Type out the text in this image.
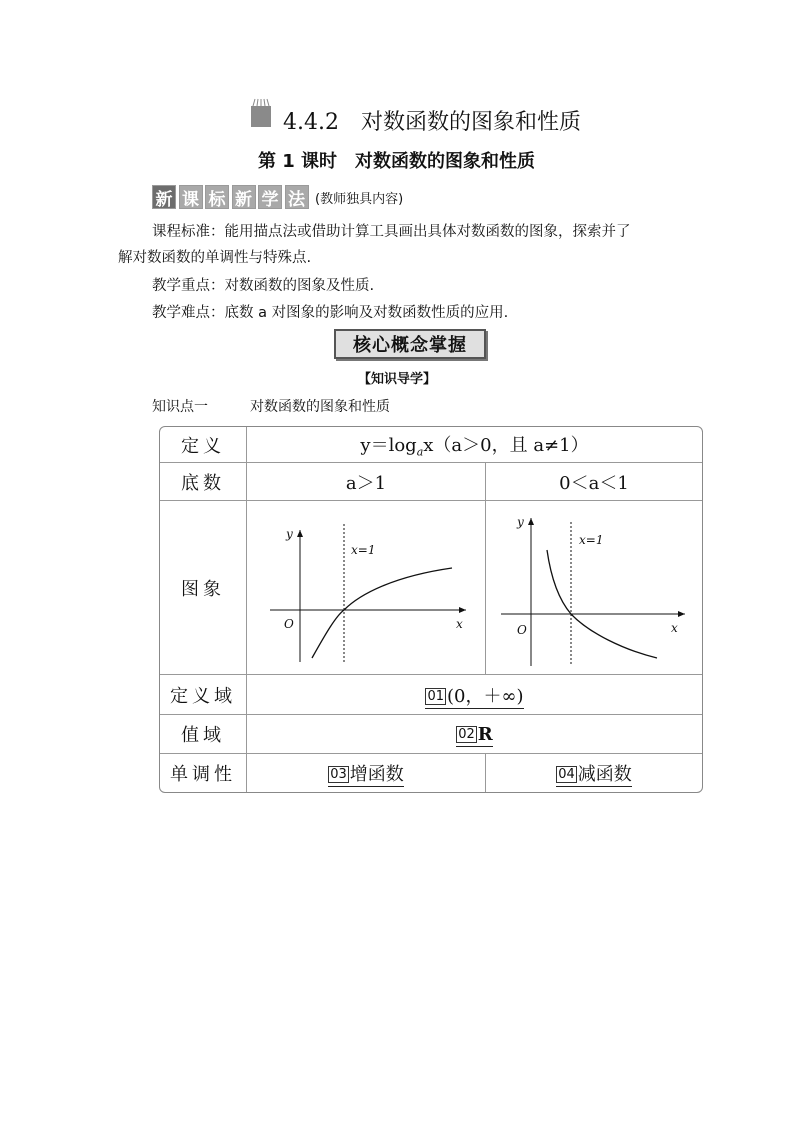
4.4.2　对数函数的图象和性质
第 1 课时　对数函数的图象和性质
新 课 标 新 学 法 (教师独具内容)
课程标准：能用描点法或借助计算工具画出具体对数函数的图象，探索并了
解对数函数的单调性与特殊点.
教学重点：对数函数的图象及性质.
教学难点：底数 a 对图象的影响及对数函数性质的应用.
核心概念掌握
【知识导学】
知识点一　　　对数函数的图象和性质
定义	$y=\log_ax(a>0$，且 a≠1）	
底数	a＞1	0＜a＜1
图象	y
x
O
x=1	y
x
O
x=1

定义域	01 (0，＋∞)	
值域	02 R	
单调性	03 增函数	04 减函数
